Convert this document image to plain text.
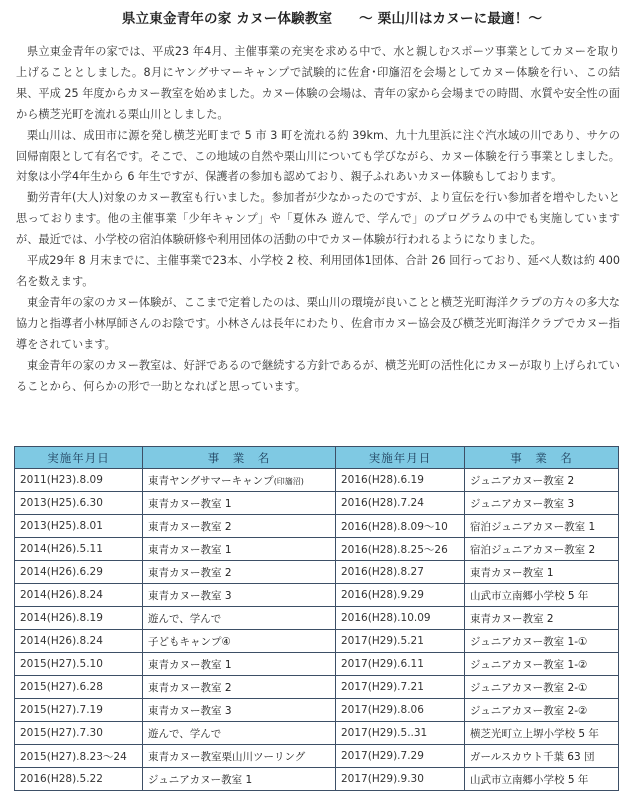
県立東金青年の家 カヌー体験教室 ～ 栗山川はカヌーに最適！～

県立東金青年の家では、平成23 年4月、主催事業の充実を求める中で、水と親しむスポーツ事業としてカヌーを取り上げることとしました。8月にヤングサマーキャンプで試験的に佐倉･印旛沼を会場としてカヌー体験を行い、この結果、平成 25 年度からカヌー教室を始めました。カヌー体験の会場は、青年の家から会場までの時間、水質や安全性の面から横芝光町を流れる栗山川としました。

栗山川は、成田市に源を発し横芝光町まで 5 市 3 町を流れる約 39km、九十九里浜に注ぐ汽水域の川であり、サケの回帰南限として有名です。そこで、この地域の自然や栗山川についても学びながら、カヌー体験を行う事業としました。対象は小学4年生から 6 年生ですが、保護者の参加も認めており、親子ふれあいカヌー体験もしております。

勤労青年(大人)対象のカヌー教室も行いました。参加者が少なかったのですが、より宣伝を行い参加者を増やしたいと思っております。他の主催事業「少年キャンプ」や「夏休み 遊んで、学んで」のプログラムの中でも実施していますが、最近では、小学校の宿泊体験研修や利用団体の活動の中でカヌー体験が行われるようになりました。

平成29年 8 月末までに、主催事業で23本、小学校 2 校、利用団体1団体、合計 26 回行っており、延べ人数は約 400名を数えます。

東金青年の家のカヌー体験が、ここまで定着したのは、栗山川の環境が良いことと横芝光町海洋クラブの方々の多大な協力と指導者小林厚師さんのお陰です。小林さんは長年にわたり、佐倉市カヌー協会及び横芝光町海洋クラブでカヌー指導をされています。

東金青年の家のカヌー教室は、好評であるので継続する方針であるが、横芝光町の活性化にカヌーが取り上げられていることから、何らかの形で一助となればと思っています。

実施年月日	事　業　名	実施年月日	事　業　名
2011(H23).8.09	東青ヤングサマーキャンプ(印旛沼)	2016(H28).6.19	ジュニアカヌー教室 2
2013(H25).6.30	東青カヌー教室 1	2016(H28).7.24	ジュニアカヌー教室 3
2013(H25).8.01	東青カヌー教室 2	2016(H28).8.09～10	宿泊ジュニアカヌー教室 1
2014(H26).5.11	東青カヌー教室 1	2016(H28).8.25～26	宿泊ジュニアカヌー教室 2
2014(H26).6.29	東青カヌー教室 2	2016(H28).8.27	東青カヌー教室 1
2014(H26).8.24	東青カヌー教室 3	2016(H28).9.29	山武市立南郷小学校 5 年
2014(H26).8.19	遊んで、学んで	2016(H28).10.09	東青カヌー教室 2
2014(H26).8.24	子どもキャンプ④	2017(H29).5.21	ジュニアカヌー教室 1-①
2015(H27).5.10	東青カヌー教室 1	2017(H29).6.11	ジュニアカヌー教室 1-②
2015(H27).6.28	東青カヌー教室 2	2017(H29).7.21	ジュニアカヌー教室 2-①
2015(H27).7.19	東青カヌー教室 3	2017(H29).8.06	ジュニアカヌー教室 2-②
2015(H27).7.30	遊んで、学んで	2017(H29).5..31	横芝光町立上堺小学校 5 年
2015(H27).8.23～24	東青カヌー教室栗山川ツーリング	2017(H29).7.29	ガールスカウト千葉 63 団
2016(H28).5.22	ジュニアカヌー教室 1	2017(H29).9.30	山武市立南郷小学校 5 年
